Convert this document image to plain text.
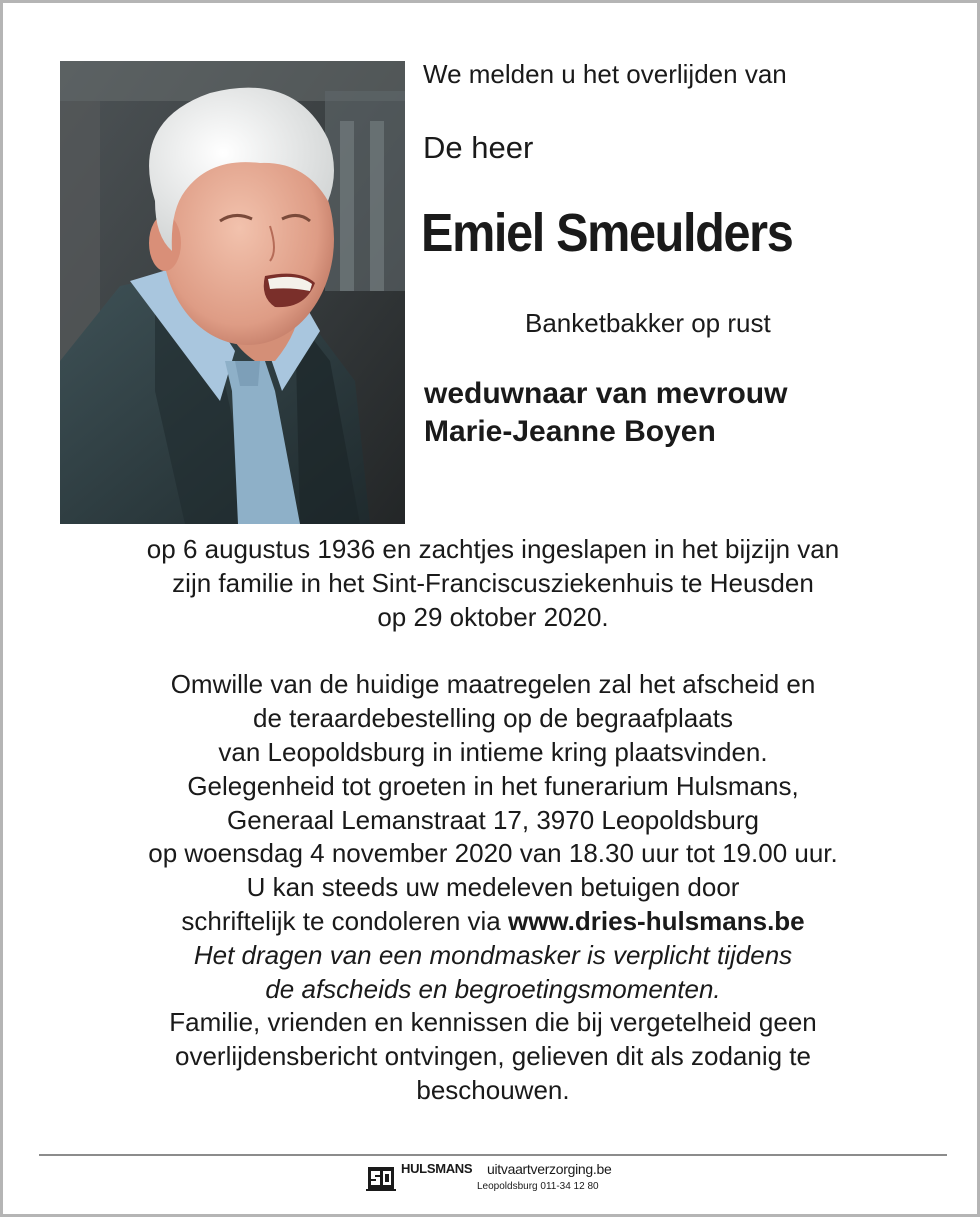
We melden u het overlijden van

De heer

Emiel Smeulders

Banketbakker op rust

weduwnaar van mevrouw
Marie-Jeanne Boyen

op 6 augustus 1936 en zachtjes ingeslapen in het bijzijn van
zijn familie in het Sint-Franciscusziekenhuis te Heusden
op 29 oktober 2020.

Omwille van de huidige maatregelen zal het afscheid en
de teraardebestelling op de begraafplaats
van Leopoldsburg in intieme kring plaatsvinden.
Gelegenheid tot groeten in het funerarium Hulsmans,
Generaal Lemanstraat 17, 3970 Leopoldsburg
op woensdag 4 november 2020 van 18.30 uur tot 19.00 uur.
U kan steeds uw medeleven betuigen door
schriftelijk te condoleren via www.dries-hulsmans.be
Het dragen van een mondmasker is verplicht tijdens
de afscheids en begroetingsmomenten.
Familie, vrienden en kennissen die bij vergetelheid geen
overlijdensbericht ontvingen, gelieven dit als zodanig te
beschouwen.

HULSMANS uitvaartverzorging.be
Leopoldsburg 011-34 12 80
